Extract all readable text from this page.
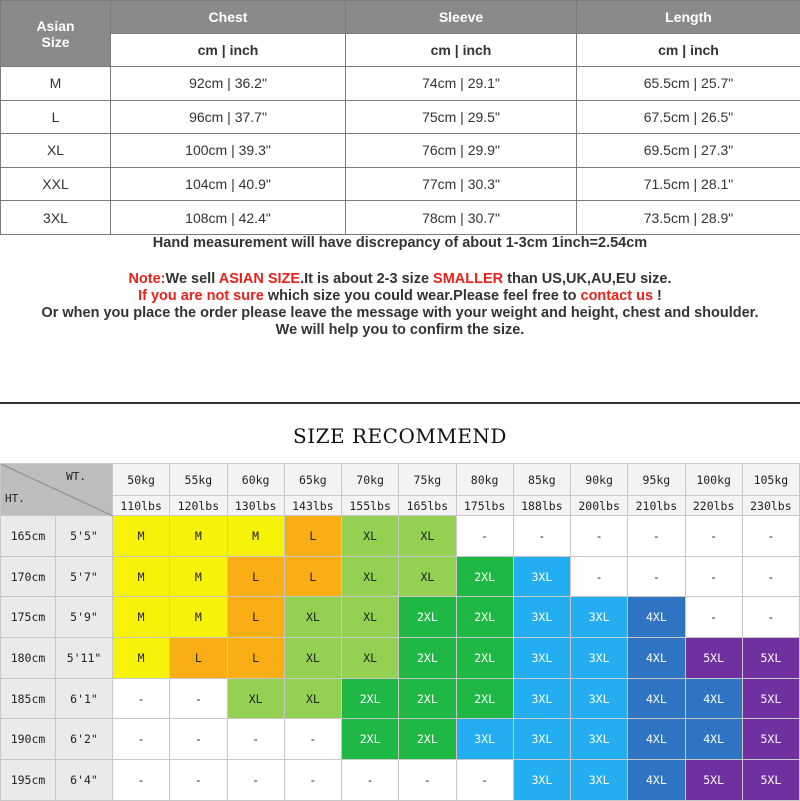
Asian Size	Chest	Sleeve	Length
	cm | inch	cm | inch	cm | inch
M	92cm | 36.2"	74cm | 29.1"	65.5cm | 25.7"
L	96cm | 37.7"	75cm | 29.5"	67.5cm | 26.5"
XL	100cm | 39.3"	76cm | 29.9"	69.5cm | 27.3"
XXL	104cm | 40.9"	77cm | 30.3"	71.5cm | 28.1"
3XL	108cm | 42.4"	78cm | 30.7"	73.5cm | 28.9"
Hand measurement will have discrepancy of about 1-3cm 1inch=2.54cm
Note:We sell ASIAN SIZE.It is about 2-3 size SMALLER than US,UK,AU,EU size.
If you are not sure which size you could wear.Please feel free to contact us !
Or when you place the order please leave the message with your weight and height, chest and shoulder.
We will help you to confirm the size.
SIZE RECOMMEND
WT.
HT.		50kg	55kg	60kg	65kg	70kg	75kg	80kg	85kg	90kg	95kg	100kg	105kg
		110lbs	120lbs	130lbs	143lbs	155lbs	165lbs	175lbs	188lbs	200lbs	210lbs	220lbs	230lbs
165cm	5'5"	M	M	M	L	XL	XL	-	-	-	-	-	-
170cm	5'7"	M	M	L	L	XL	XL	2XL	3XL	-	-	-	-
175cm	5'9"	M	M	L	XL	XL	2XL	2XL	3XL	3XL	4XL	-	-
180cm	5'11"	M	L	L	XL	XL	2XL	2XL	3XL	3XL	4XL	5XL	5XL
185cm	6'1"	-	-	XL	XL	2XL	2XL	2XL	3XL	3XL	4XL	4XL	5XL
190cm	6'2"	-	-	-	-	2XL	2XL	3XL	3XL	3XL	4XL	4XL	5XL
195cm	6'4"	-	-	-	-	-	-	-	3XL	3XL	4XL	5XL	5XL
